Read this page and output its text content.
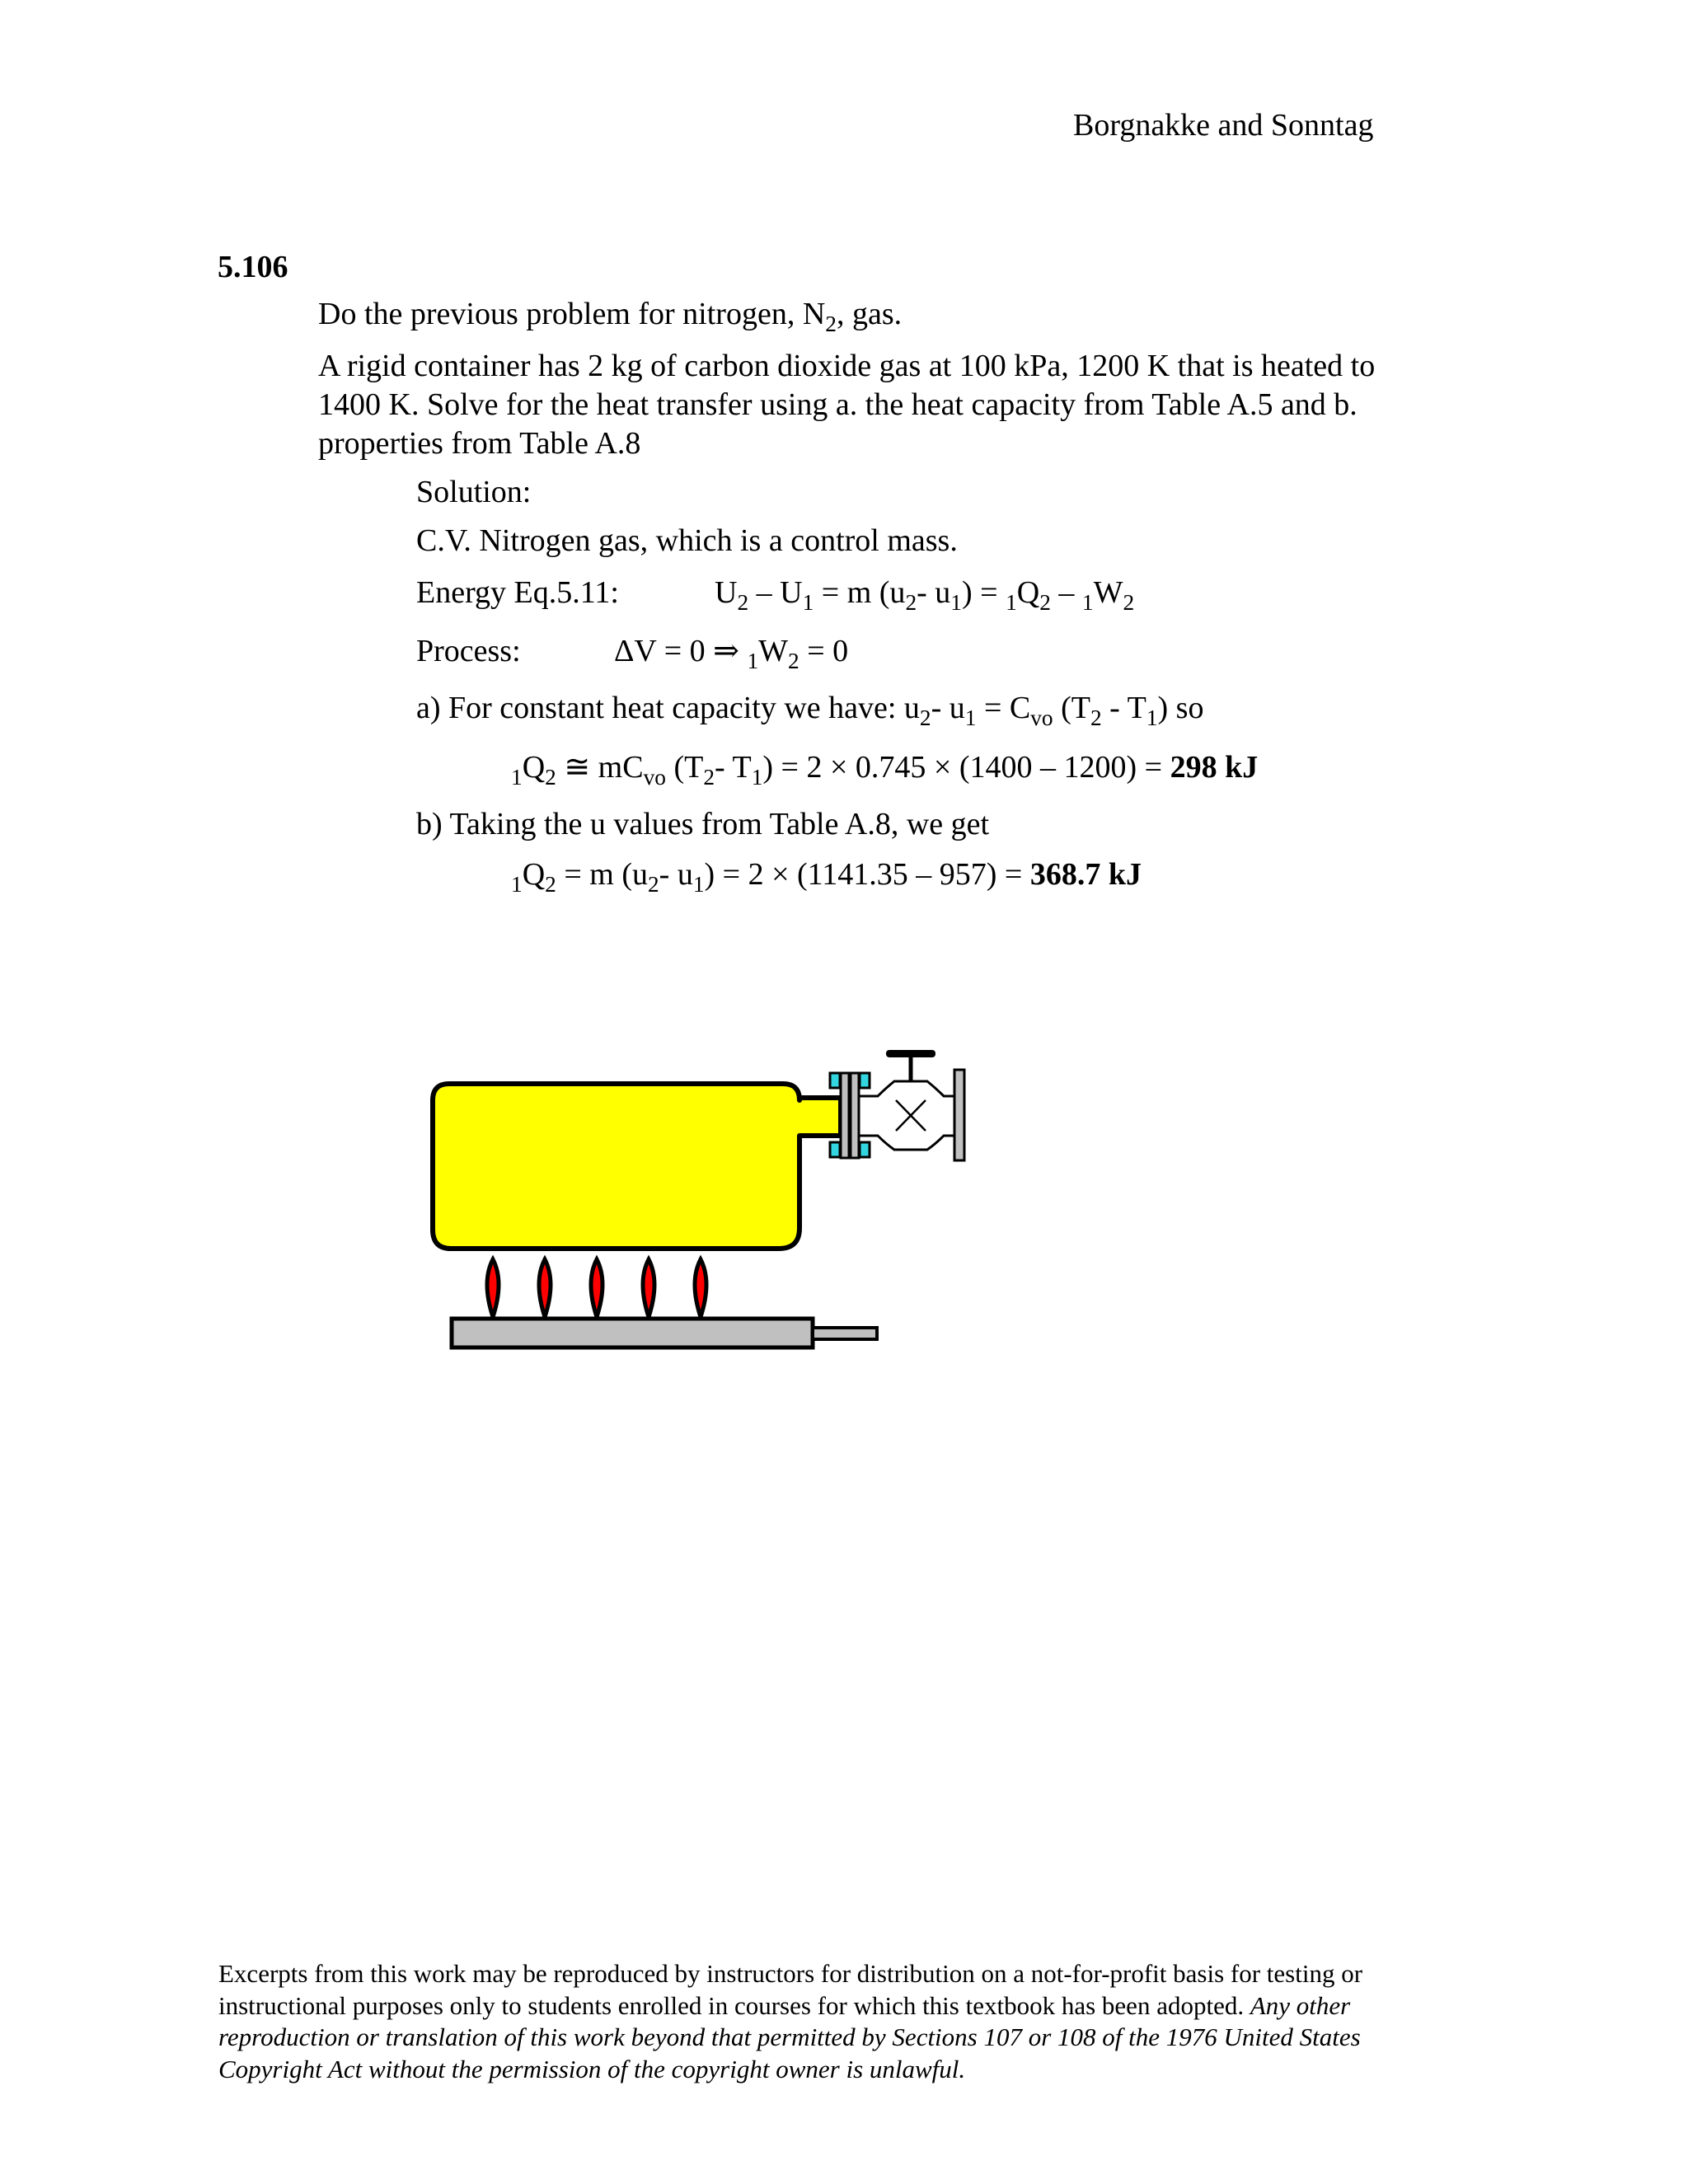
Borgnakke and Sonntag
5.106
Do the previous problem for nitrogen, $N_2$, gas.
A rigid container has 2 kg of carbon dioxide gas at 100 kPa, 1200 K that is heated to
1400 K. Solve for the heat transfer using a. the heat capacity from Table A.5 and b.
properties from Table A.8
Solution:
C.V. Nitrogen gas, which is a control mass.
Energy Eq.5.11:	$U_2 - U_1 = m$ ($u_2-$ $u_1) = _1Q_2 - _1W_2$
Process:	ΔV = 0 ⇒ $_1W_2 = 0$
a) For constant heat capacity we have: $u_2-$ $u_1 = C_{vo}$ $(T_2 - T_1)$ so
$_1Q_2$ ≅ $mC_{vo}$ ($T_2-$ $T_1) = 2 \times 0.745 \times (1400 - 1200) = 298$ kJ
b) Taking the u values from Table A.8, we get
$_1Q_2 = m$ ($u_2-$ $u_1) = 2 \times (1141.35 - 957) = 368.7$ kJ
Excerpts from this work may be reproduced by instructors for distribution on a not-for-profit basis for testing or
instructional purposes only to students enrolled in courses for which this textbook has been adopted. Any other
reproduction or translation of this work beyond that permitted by Sections 107 or 108 of the 1976 United States
Copyright Act without the permission of the copyright owner is unlawful.
